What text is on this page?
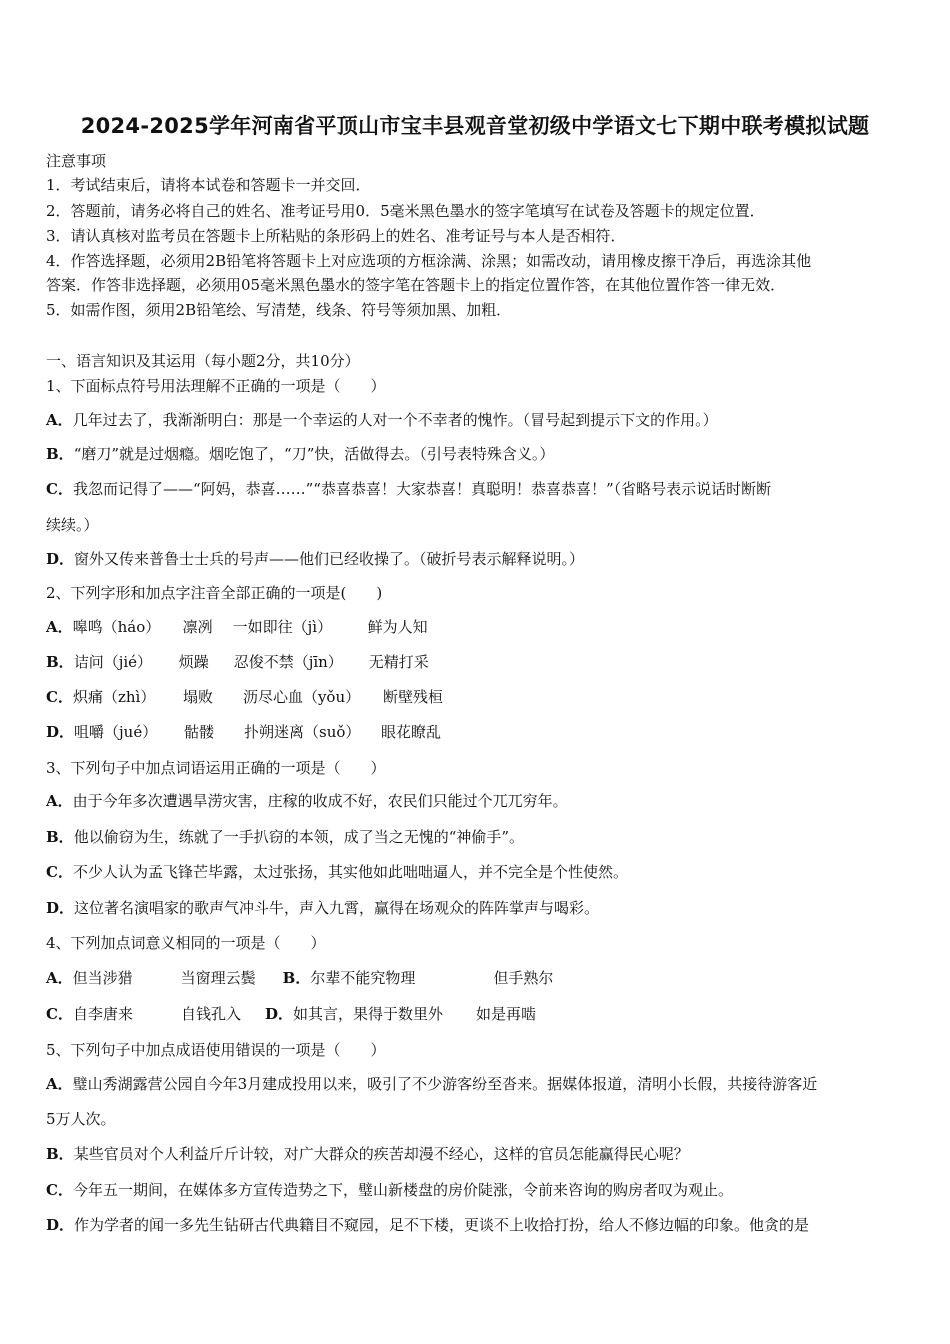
2024-2025学年河南省平顶山市宝丰县观音堂初级中学语文七下期中联考模拟试题
注意事项
1．考试结束后，请将本试卷和答题卡一并交回．
2．答题前，请务必将自己的姓名、准考证号用0．5毫米黑色墨水的签字笔填写在试卷及答题卡的规定位置．
3．请认真核对监考员在答题卡上所粘贴的条形码上的姓名、准考证号与本人是否相符．
4．作答选择题，必须用2B铅笔将答题卡上对应选项的方框涂满、涂黑；如需改动，请用橡皮擦干净后，再选涂其他
答案．作答非选择题，必须用05毫米黑色墨水的签字笔在答题卡上的指定位置作答，在其他位置作答一律无效．
5．如需作图，须用2B铅笔绘、写清楚，线条、符号等须加黑、加粗．
一、语言知识及其运用（每小题2分，共10分）
1、下面标点符号用法理解不正确的一项是（　　）
A．几年过去了，我渐渐明白：那是一个幸运的人对一个不幸者的愧怍。（冒号起到提示下文的作用。）
B．“磨刀”就是过烟瘾。烟吃饱了，“刀”快，活做得去。（引号表特殊含义。）
C．我忽而记得了——“阿妈，恭喜……”“恭喜恭喜！大家恭喜！真聪明！恭喜恭喜！”（省略号表示说话时断断
续续。）
D．窗外又传来普鲁士士兵的号声——他们已经收操了。（破折号表示解释说明。）
2、下列字形和加点字注音全部正确的一项是(　　)
A．嗥鸣（háo） 凛冽 一如即往（jì） 鲜为人知
B．诘问（jié） 烦躁 忍俊不禁（jīn） 无精打采
C．炽痛（zhì） 塌败 沥尽心血（yǒu） 断壁残桓
D．咀嚼（jué） 骷髅 扑朔迷离（suǒ） 眼花瞭乱
3、下列句子中加点词语运用正确的一项是（　　）
A．由于今年多次遭遇旱涝灾害，庄稼的收成不好，农民们只能过个兀兀穷年。
B．他以偷窃为生，练就了一手扒窃的本领，成了当之无愧的“神偷手”。
C．不少人认为孟飞锋芒毕露，太过张扬，其实他如此咄咄逼人，并不完全是个性使然。
D．这位著名演唱家的歌声气冲斗牛，声入九霄，赢得在场观众的阵阵掌声与喝彩。
4、下列加点词意义相同的一项是（　　）
A．但当涉猎	当窗理云鬓 B．尔辈不能究物理	但手熟尔
C．自李唐来	自钱孔入 D．如其言，果得于数里外 如是再啮
5、下列句子中加点成语使用错误的一项是（　　）
A．璧山秀湖露营公园自今年3月建成投用以来，吸引了不少游客纷至沓来。据媒体报道，清明小长假，共接待游客近
5万人次。
B．某些官员对个人利益斤斤计较，对广大群众的疾苦却漫不经心，这样的官员怎能赢得民心呢？
C．今年五一期间，在媒体多方宣传造势之下，璧山新楼盘的房价陡涨，令前来咨询的购房者叹为观止。
D．作为学者的闻一多先生钻研古代典籍目不窥园，足不下楼，更谈不上收拾打扮，给人不修边幅的印象。他贪的是
